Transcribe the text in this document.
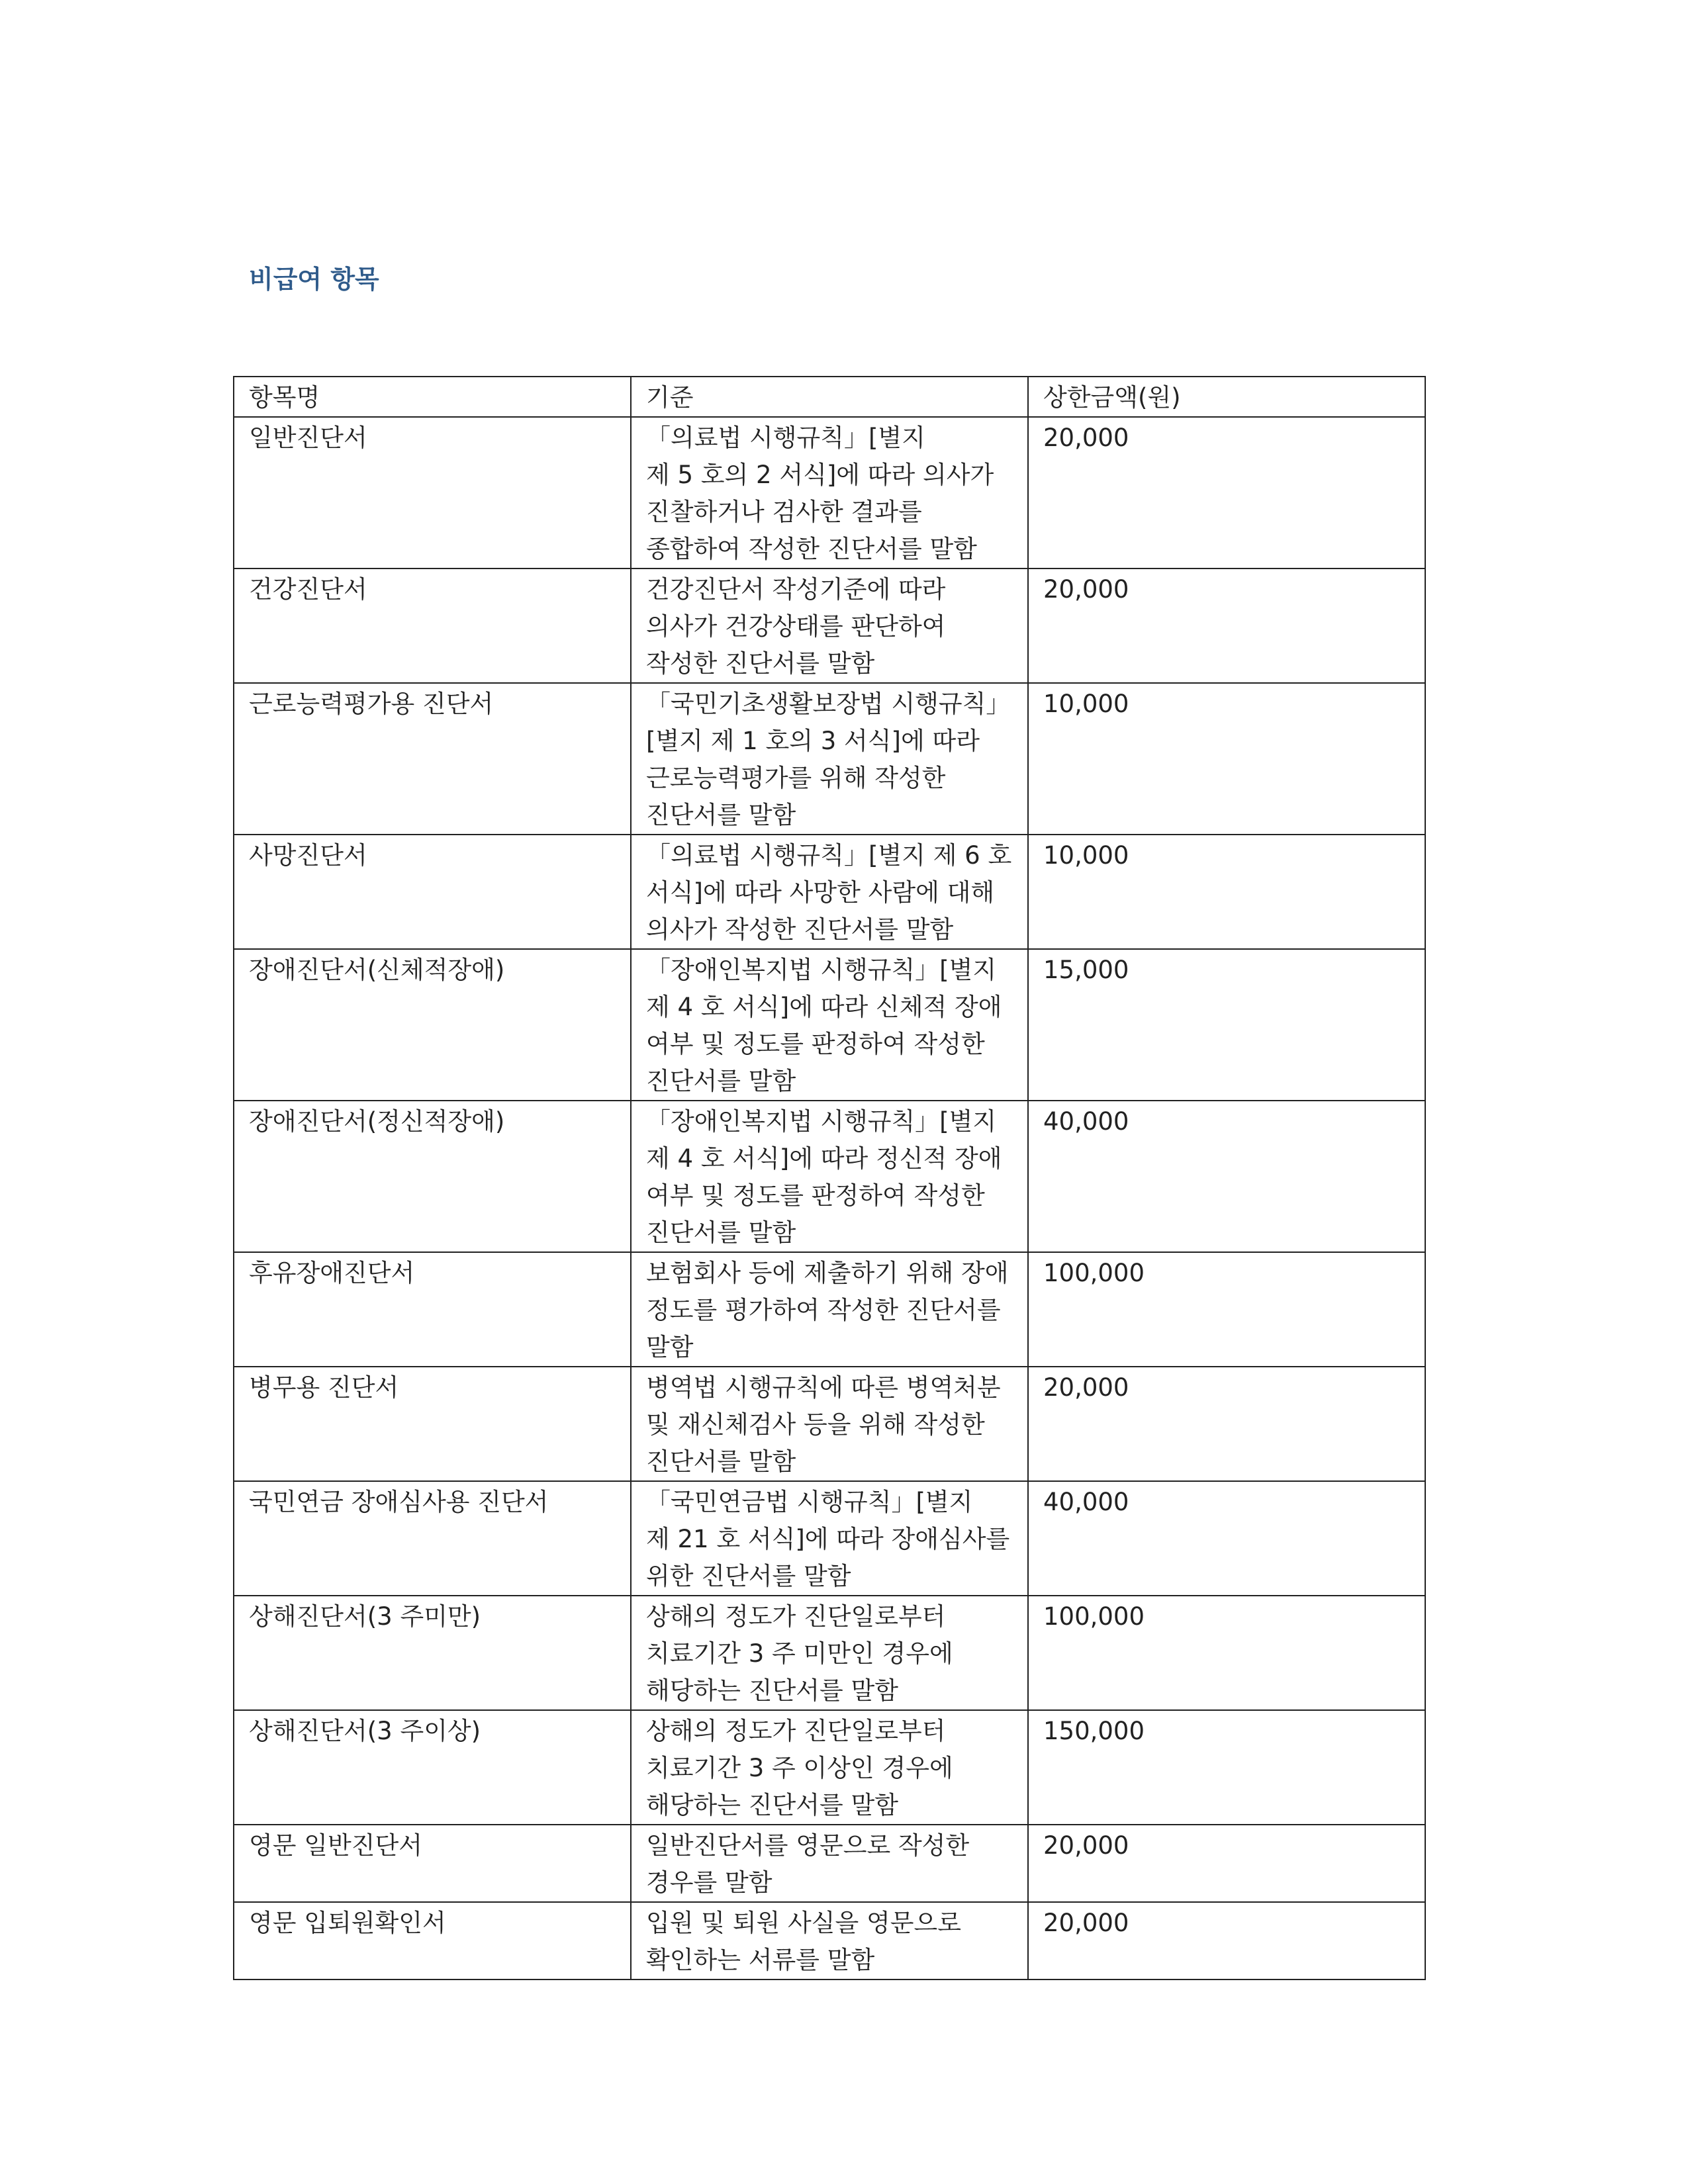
비급여 항목
항목명	기준	상한금액(원)
일반진단서	「의료법 시행규칙」[별지
제 5 호의 2 서식]에 따라 의사가
진찰하거나 검사한 결과를
종합하여 작성한 진단서를 말함	20,000
건강진단서	건강진단서 작성기준에 따라
의사가 건강상태를 판단하여
작성한 진단서를 말함	20,000
근로능력평가용 진단서	「국민기초생활보장법 시행규칙」
[별지 제 1 호의 3 서식]에 따라
근로능력평가를 위해 작성한
진단서를 말함	10,000
사망진단서	「의료법 시행규칙」[별지 제 6 호
서식]에 따라 사망한 사람에 대해
의사가 작성한 진단서를 말함	10,000
장애진단서(신체적장애)	「장애인복지법 시행규칙」[별지
제 4 호 서식]에 따라 신체적 장애
여부 및 정도를 판정하여 작성한
진단서를 말함	15,000
장애진단서(정신적장애)	「장애인복지법 시행규칙」[별지
제 4 호 서식]에 따라 정신적 장애
여부 및 정도를 판정하여 작성한
진단서를 말함	40,000
후유장애진단서	보험회사 등에 제출하기 위해 장애
정도를 평가하여 작성한 진단서를
말함	100,000
병무용 진단서	병역법 시행규칙에 따른 병역처분
및 재신체검사 등을 위해 작성한
진단서를 말함	20,000
국민연금 장애심사용 진단서	「국민연금법 시행규칙」[별지
제 21 호 서식]에 따라 장애심사를
위한 진단서를 말함	40,000
상해진단서(3 주미만)	상해의 정도가 진단일로부터
치료기간 3 주 미만인 경우에
해당하는 진단서를 말함	100,000
상해진단서(3 주이상)	상해의 정도가 진단일로부터
치료기간 3 주 이상인 경우에
해당하는 진단서를 말함	150,000
영문 일반진단서	일반진단서를 영문으로 작성한
경우를 말함	20,000
영문 입퇴원확인서	입원 및 퇴원 사실을 영문으로
확인하는 서류를 말함	20,000
